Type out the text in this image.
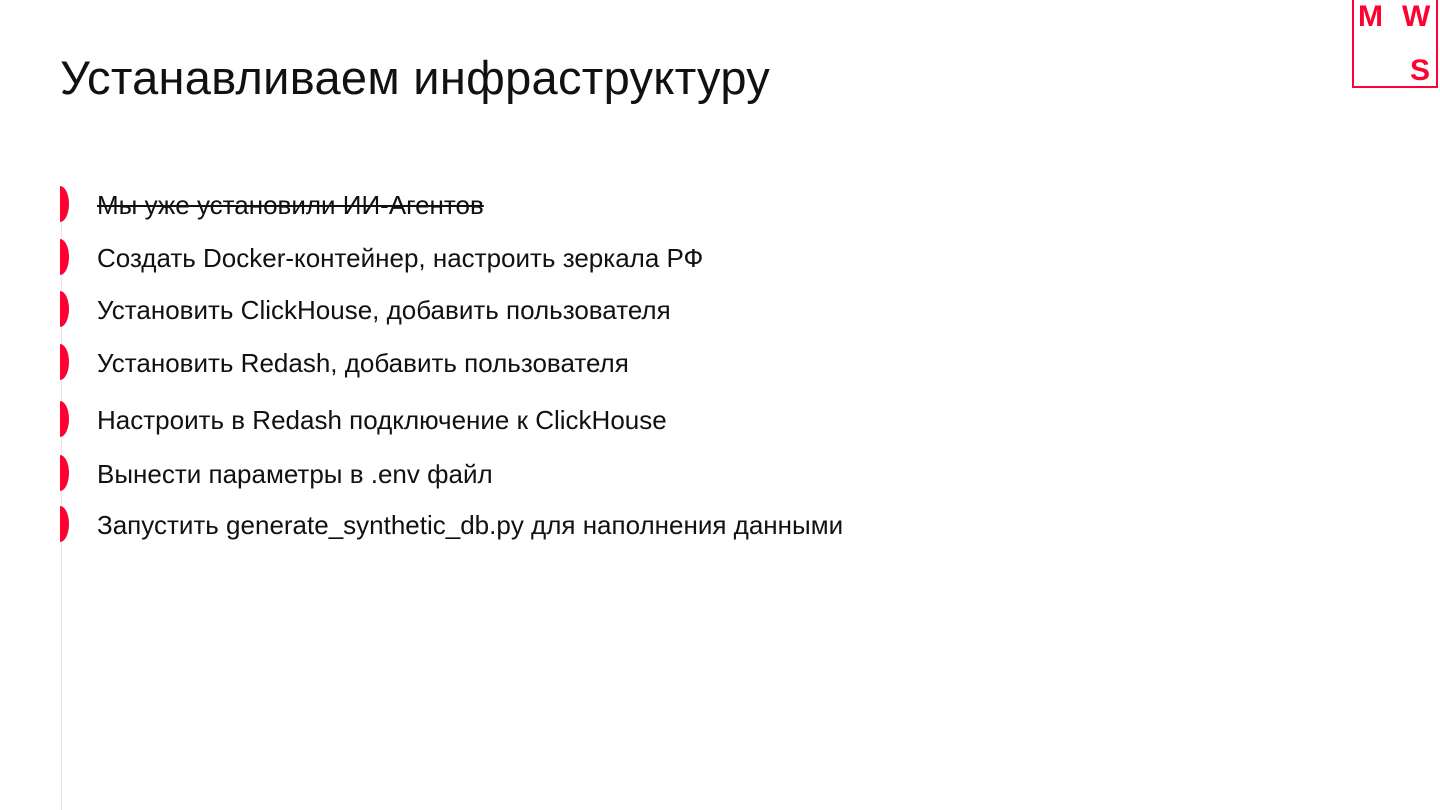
Устанавливаем инфраструктуру
Мы уже установили ИИ-Агентов
Создать Docker-контейнер, настроить зеркала РФ
Установить ClickHouse, добавить пользователя
Установить Redash, добавить пользователя
Настроить в Redash подключение к ClickHouse
Вынести параметры в .env файл
Запустить generate_synthetic_db.py для наполнения данными
M W
S
